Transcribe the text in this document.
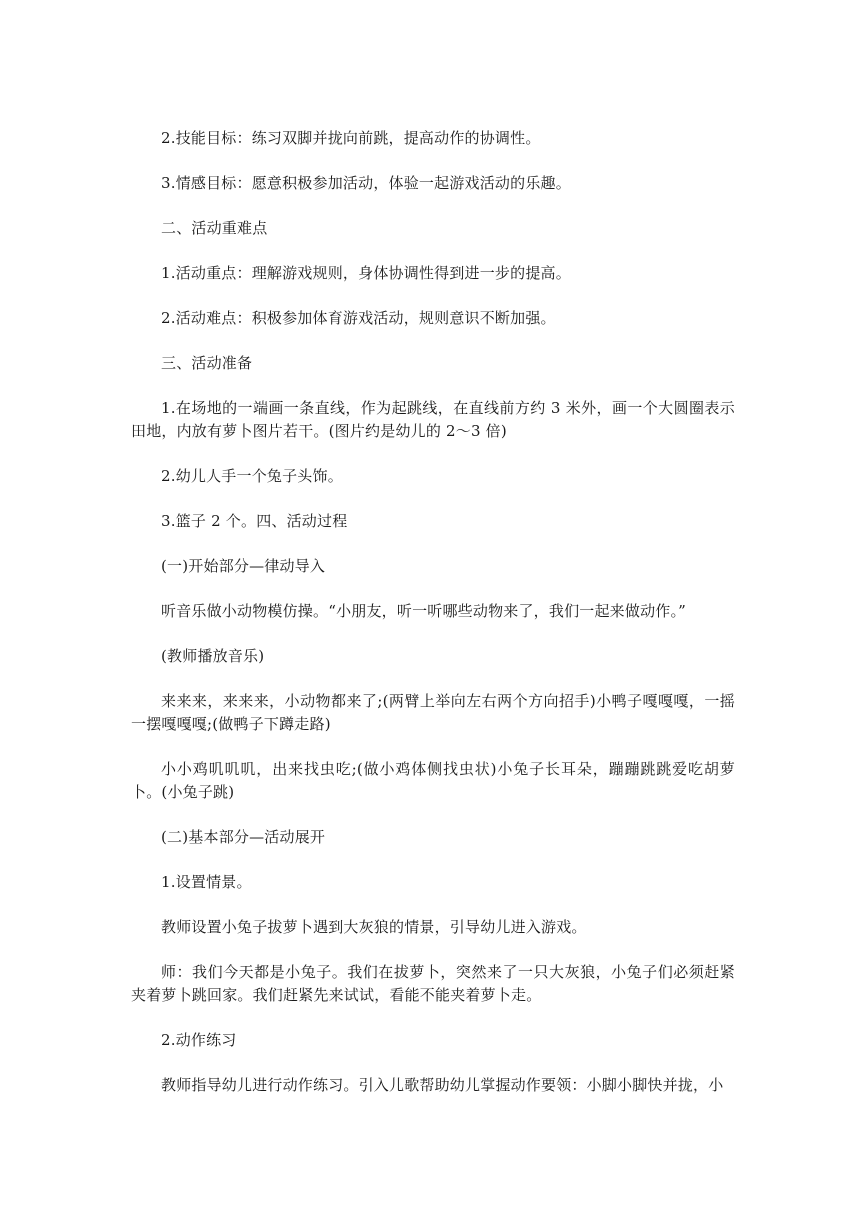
2.技能目标：练习双脚并拢向前跳，提高动作的协调性。

3.情感目标：愿意积极参加活动，体验一起游戏活动的乐趣。

二、活动重难点

1.活动重点：理解游戏规则，身体协调性得到进一步的提高。

2.活动难点：积极参加体育游戏活动，规则意识不断加强。

三、活动准备

1.在场地的一端画一条直线，作为起跳线，在直线前方约 3 米外，画一个大圆圈表示田地，内放有萝卜图片若干。(图片约是幼儿的 2～3 倍)

2.幼儿人手一个兔子头饰。

3.篮子 2 个。四、活动过程

(一)开始部分—律动导入

听音乐做小动物模仿操。“小朋友，听一听哪些动物来了，我们一起来做动作。”

(教师播放音乐)

来来来，来来来，小动物都来了;(两臂上举向左右两个方向招手)小鸭子嘎嘎嘎，一摇一摆嘎嘎嘎;(做鸭子下蹲走路)

小小鸡叽叽叽，出来找虫吃;(做小鸡体侧找虫状)小兔子长耳朵，蹦蹦跳跳爱吃胡萝卜。(小兔子跳)

(二)基本部分—活动展开

1.设置情景。

教师设置小兔子拔萝卜遇到大灰狼的情景，引导幼儿进入游戏。

师：我们今天都是小兔子。我们在拔萝卜，突然来了一只大灰狼，小兔子们必须赶紧夹着萝卜跳回家。我们赶紧先来试试，看能不能夹着萝卜走。

2.动作练习

教师指导幼儿进行动作练习。引入儿歌帮助幼儿掌握动作要领：小脚小脚快并拢，小
